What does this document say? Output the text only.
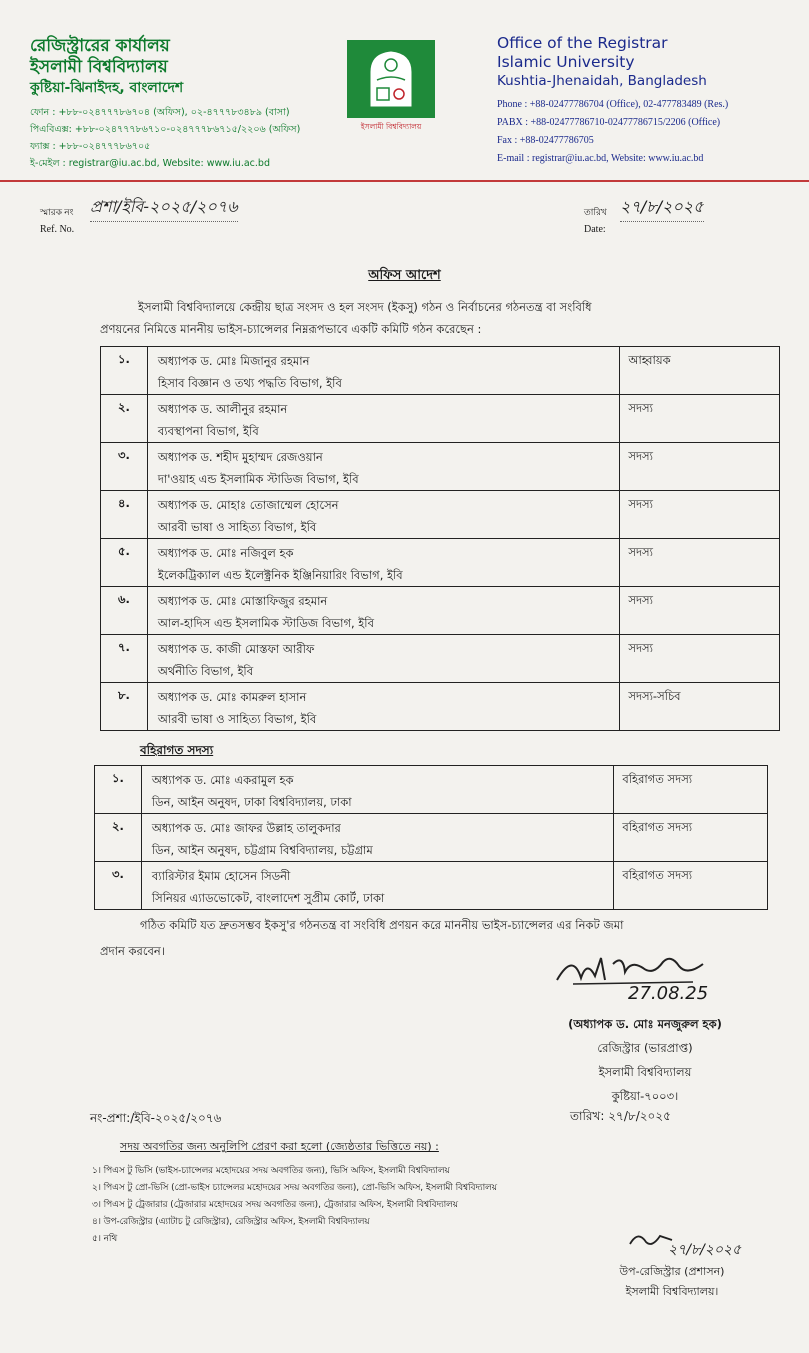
রেজিস্ট্রারের কার্যালয়
ইসলামী বিশ্ববিদ্যালয়
কুষ্টিয়া-ঝিনাইদহ, বাংলাদেশ
ফোন : +৮৮-০২৪৭৭৭৮৬৭০৪ (অফিস), ০২-৪৭৭৭৮৩৪৮৯ (বাসা)
পিএবিএক্স: +৮৮-০২৪৭৭৭৮৬৭১০-০২৪৭৭৭৮৬৭১৫/২২০৬ (অফিস)
ফ্যাক্স : +৮৮-০২৪৭৭৭৮৬৭০৫
ই-মেইল : registrar@iu.ac.bd, Website: www.iu.ac.bd
ইসলামী বিশ্ববিদ্যালয়
Office of the Registrar
Islamic University
Kushtia-Jhenaidah, Bangladesh
Phone : +88-02477786704 (Office), 02-477783489 (Res.)
PABX : +88-02477786710-02477786715/2206 (Office)
Fax : +88-02477786705
E-mail : registrar@iu.ac.bd, Website: www.iu.ac.bd
স্মারক নং
Ref. No.
প্রশা/ইবি-২০২৫/২০৭৬	তারিখ
Date:
২৭/৮/২০২৫
অফিস আদেশ
ইসলামী বিশ্ববিদ্যালয়ে কেন্দ্রীয় ছাত্র সংসদ ও হল সংসদ (ইকসু) গঠন ও নির্বাচনের গঠনতন্ত্র বা সংবিধি
প্রণয়নের নিমিত্তে মাননীয় ভাইস-চ্যান্সেলর নিম্নরূপভাবে একটি কমিটি গঠন করেছেন :
১.	অধ্যাপক ড. মোঃ মিজানুর রহমান
হিসাব বিজ্ঞান ও তথ্য পদ্ধতি বিভাগ, ইবি	আহ্বায়ক
২.	অধ্যাপক ড. আলীনুর রহমান
ব্যবস্থাপনা বিভাগ, ইবি	সদস্য
৩.	অধ্যাপক ড. শহীদ মুহাম্মদ রেজওয়ান
দা'ওয়াহ এন্ড ইসলামিক স্টাডিজ বিভাগ, ইবি	সদস্য
৪.	অধ্যাপক ড. মোহাঃ তোজাম্মেল হোসেন
আরবী ভাষা ও সাহিত্য বিভাগ, ইবি	সদস্য
৫.	অধ্যাপক ড. মোঃ নজিবুল হক
ইলেকট্রিক্যাল এন্ড ইলেক্ট্রনিক ইঞ্জিনিয়ারিং বিভাগ, ইবি	সদস্য
৬.	অধ্যাপক ড. মোঃ মোস্তাফিজুর রহমান
আল-হাদিস এন্ড ইসলামিক স্টাডিজ বিভাগ, ইবি	সদস্য
৭.	অধ্যাপক ড. কাজী মোস্তফা আরীফ
অর্থনীতি বিভাগ, ইবি	সদস্য
৮.	অধ্যাপক ড. মোঃ কামরুল হাসান
আরবী ভাষা ও সাহিত্য বিভাগ, ইবি	সদস্য-সচিব
বহিরাগত সদস্য
১.	অধ্যাপক ড. মোঃ একরামুল হক
ডিন, আইন অনুষদ, ঢাকা বিশ্ববিদ্যালয়, ঢাকা	বহিরাগত সদস্য
২.	অধ্যাপক ড. মোঃ জাফর উল্লাহ তালুকদার
ডিন, আইন অনুষদ, চট্টগ্রাম বিশ্ববিদ্যালয়, চট্টগ্রাম	বহিরাগত সদস্য
৩.	ব্যারিস্টার ইমাম হোসেন সিডনী
সিনিয়র এ্যাডভোকেট, বাংলাদেশ সুপ্রীম কোর্ট, ঢাকা	বহিরাগত সদস্য
গঠিত কমিটি যত দ্রুতসম্ভব ইকসু'র গঠনতন্ত্র বা সংবিধি প্রণয়ন করে মাননীয় ভাইস-চ্যান্সেলর এর নিকট জমা
প্রদান করবেন।
27.08.25
(অধ্যাপক ড. মোঃ মনজুরুল হক)
রেজিস্ট্রার (ভারপ্রাপ্ত)
ইসলামী বিশ্ববিদ্যালয়
কুষ্টিয়া-৭০০৩।
নং-প্রশা:/ইবি-২০২৫/২০৭৬	তারিখ: ২৭/৮/২০২৫
সদয় অবগতির জন্য অনুলিপি প্রেরণ করা হলো (জ্যেষ্ঠতার ভিত্তিতে নয়) :
১। পিএস টু ভিসি (ভাইস-চ্যান্সেলর মহোদয়ের সদয় অবগতির জন্য), ভিসি অফিস, ইসলামী বিশ্ববিদ্যালয়
২। পিএস টু প্রো-ভিসি (প্রো-ভাইস চ্যান্সেলর মহোদয়ের সদয় অবগতির জন্য), প্রো-ভিসি অফিস, ইসলামী বিশ্ববিদ্যালয়
৩। পিএস টু ট্রেজারার (ট্রেজারার মহোদয়ের সদয় অবগতির জন্য), ট্রেজারার অফিস, ইসলামী বিশ্ববিদ্যালয়
৪। উপ-রেজিস্ট্রার (এ্যাটাচ টু রেজিস্ট্রার), রেজিস্ট্রার অফিস, ইসলামী বিশ্ববিদ্যালয়
৫। নথি
২৭/৮/২০২৫
উপ-রেজিস্ট্রার (প্রশাসন)
ইসলামী বিশ্ববিদ্যালয়।
